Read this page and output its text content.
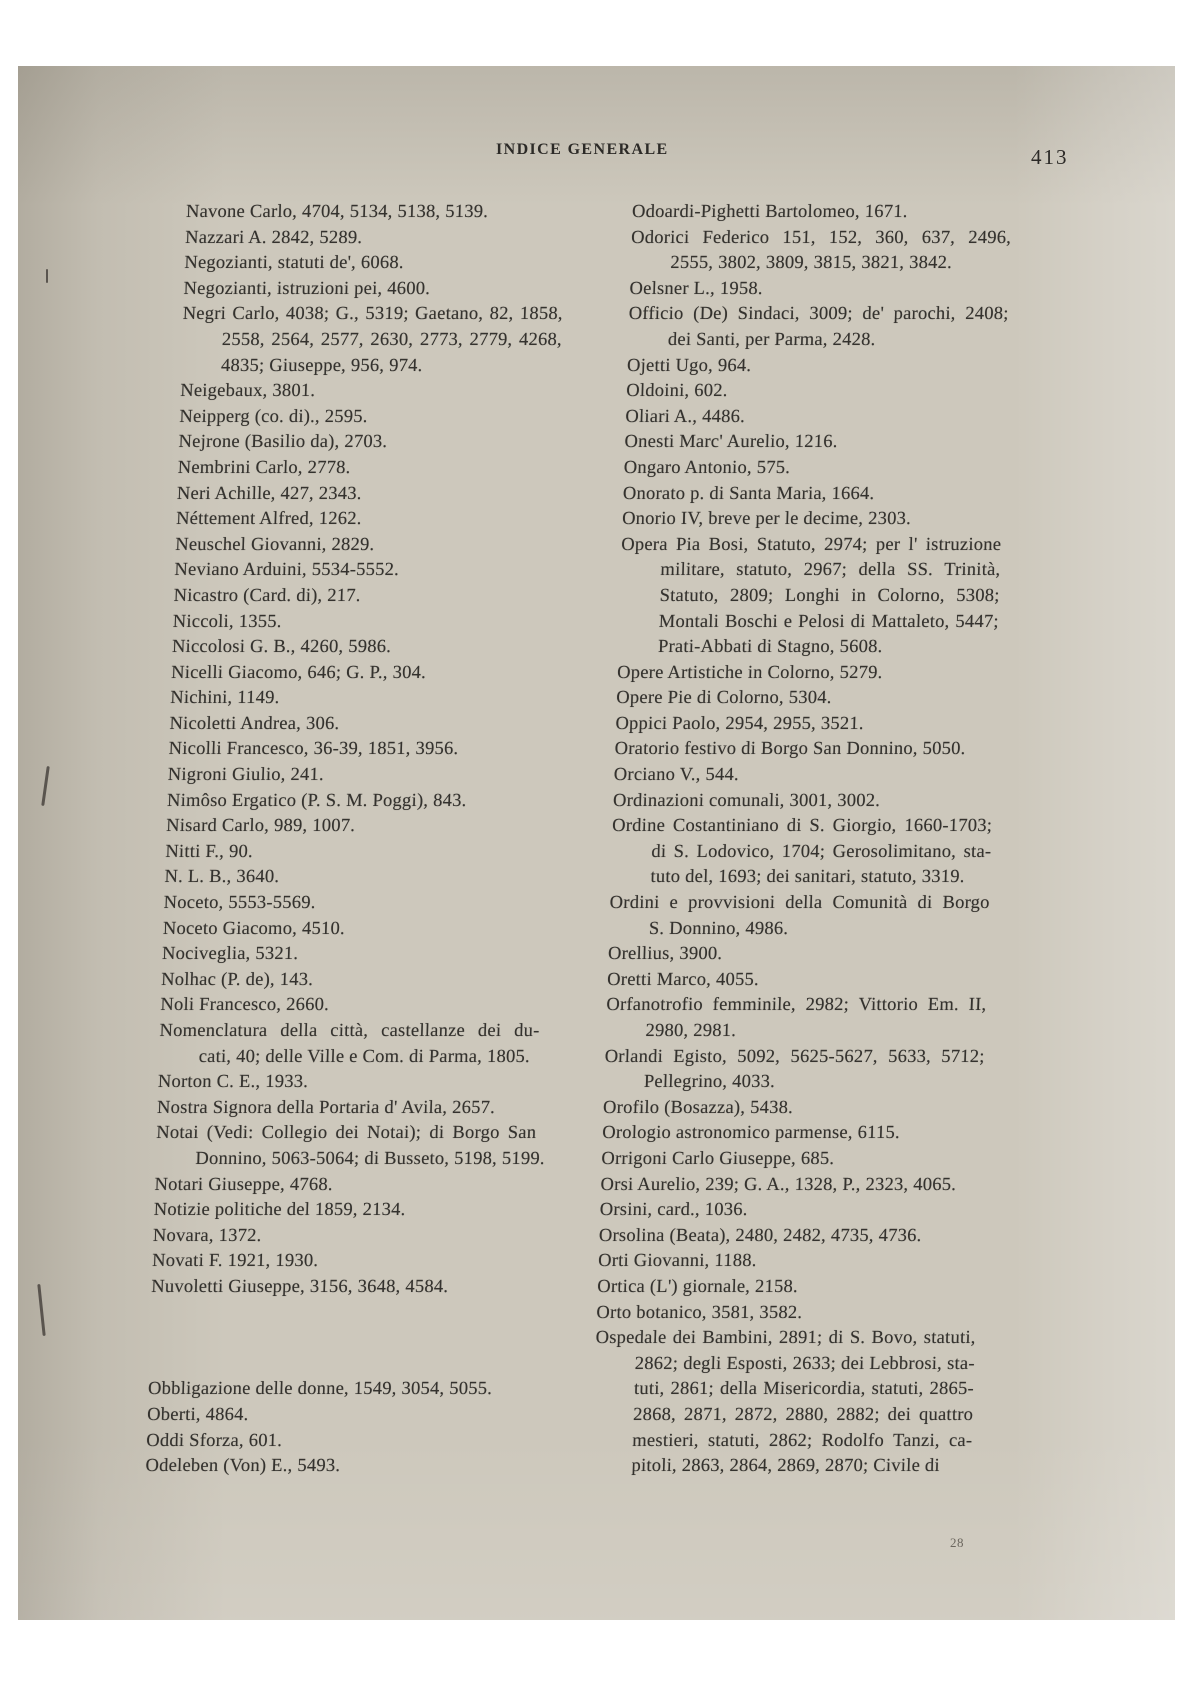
INDICE GENERALE	413
Navone Carlo, 4704, 5134, 5138, 5139.
Nazzari A. 2842, 5289.
Negozianti, statuti de', 6068.
Negozianti, istruzioni pei, 4600.
Negri Carlo, 4038; G., 5319; Gaetano, 82, 1858,
2558, 2564, 2577, 2630, 2773, 2779, 4268,
4835; Giuseppe, 956, 974.
Neigebaux, 3801.
Neipperg (co. di)., 2595.
Nejrone (Basilio da), 2703.
Nembrini Carlo, 2778.
Neri Achille, 427, 2343.
Néttement Alfred, 1262.
Neuschel Giovanni, 2829.
Neviano Arduini, 5534-5552.
Nicastro (Card. di), 217.
Niccoli, 1355.
Niccolosi G. B., 4260, 5986.
Nicelli Giacomo, 646; G. P., 304.
Nichini, 1149.
Nicoletti Andrea, 306.
Nicolli Francesco, 36-39, 1851, 3956.
Nigroni Giulio, 241.
Nimôso Ergatico (P. S. M. Poggi), 843.
Nisard Carlo, 989, 1007.
Nitti F., 90.
N. L. B., 3640.
Noceto, 5553-5569.
Noceto Giacomo, 4510.
Nociveglia, 5321.
Nolhac (P. de), 143.
Noli Francesco, 2660.
Nomenclatura della città, castellanze dei du-
cati, 40; delle Ville e Com. di Parma, 1805.
Norton C. E., 1933.
Nostra Signora della Portaria d' Avila, 2657.
Notai (Vedi: Collegio dei Notai); di Borgo San
Donnino, 5063-5064; di Busseto, 5198, 5199.
Notari Giuseppe, 4768.
Notizie politiche del 1859, 2134.
Novara, 1372.
Novati F. 1921, 1930.
Nuvoletti Giuseppe, 3156, 3648, 4584.
Obbligazione delle donne, 1549, 3054, 5055.
Oberti, 4864.
Oddi Sforza, 601.
Odeleben (Von) E., 5493.
Odoardi-Pighetti Bartolomeo, 1671.
Odorici Federico 151, 152, 360, 637, 2496,
2555, 3802, 3809, 3815, 3821, 3842.
Oelsner L., 1958.
Officio (De) Sindaci, 3009; de' parochi, 2408;
dei Santi, per Parma, 2428.
Ojetti Ugo, 964.
Oldoini, 602.
Oliari A., 4486.
Onesti Marc' Aurelio, 1216.
Ongaro Antonio, 575.
Onorato p. di Santa Maria, 1664.
Onorio IV, breve per le decime, 2303.
Opera Pia Bosi, Statuto, 2974; per l' istruzione
militare, statuto, 2967; della SS. Trinità,
Statuto, 2809; Longhi in Colorno, 5308;
Montali Boschi e Pelosi di Mattaleto, 5447;
Prati-Abbati di Stagno, 5608.
Opere Artistiche in Colorno, 5279.
Opere Pie di Colorno, 5304.
Oppici Paolo, 2954, 2955, 3521.
Oratorio festivo di Borgo San Donnino, 5050.
Orciano V., 544.
Ordinazioni comunali, 3001, 3002.
Ordine Costantiniano di S. Giorgio, 1660-1703;
di S. Lodovico, 1704; Gerosolimitano, sta-
tuto del, 1693; dei sanitari, statuto, 3319.
Ordini e provvisioni della Comunità di Borgo
S. Donnino, 4986.
Orellius, 3900.
Oretti Marco, 4055.
Orfanotrofio femminile, 2982; Vittorio Em. II,
2980, 2981.
Orlandi Egisto, 5092, 5625-5627, 5633, 5712;
Pellegrino, 4033.
Orofilo (Bosazza), 5438.
Orologio astronomico parmense, 6115.
Orrigoni Carlo Giuseppe, 685.
Orsi Aurelio, 239; G. A., 1328, P., 2323, 4065.
Orsini, card., 1036.
Orsolina (Beata), 2480, 2482, 4735, 4736.
Orti Giovanni, 1188.
Ortica (L') giornale, 2158.
Orto botanico, 3581, 3582.
Ospedale dei Bambini, 2891; di S. Bovo, statuti,
2862; degli Esposti, 2633; dei Lebbrosi, sta-
tuti, 2861; della Misericordia, statuti, 2865-
2868, 2871, 2872, 2880, 2882; dei quattro
mestieri, statuti, 2862; Rodolfo Tanzi, ca-
pitoli, 2863, 2864, 2869, 2870; Civile di
28
